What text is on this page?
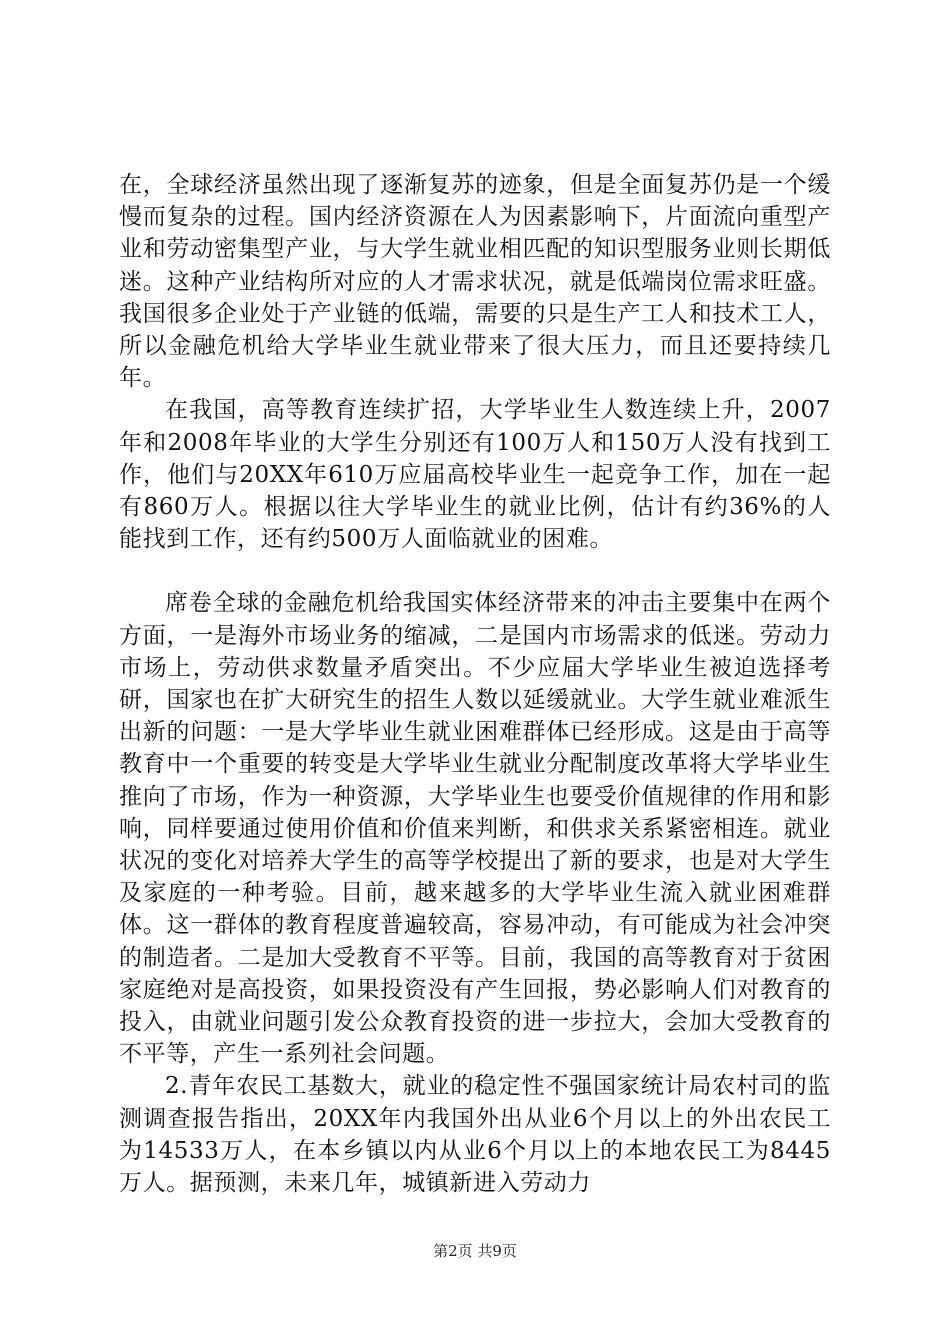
在，全球经济虽然出现了逐渐复苏的迹象，但是全面复苏仍是一个缓慢而复杂的过程。国内经济资源在人为因素影响下，片面流向重型产业和劳动密集型产业，与大学生就业相匹配的知识型服务业则长期低迷。这种产业结构所对应的人才需求状况，就是低端岗位需求旺盛。我国很多企业处于产业链的低端，需要的只是生产工人和技术工人，所以金融危机给大学毕业生就业带来了很大压力，而且还要持续几年。

在我国，高等教育连续扩招，大学毕业生人数连续上升，2007年和2008年毕业的大学生分别还有100万人和150万人没有找到工作，他们与20XX年610万应届高校毕业生一起竞争工作，加在一起有860万人。根据以往大学毕业生的就业比例，估计有约36%的人能找到工作，还有约500万人面临就业的困难。

席卷全球的金融危机给我国实体经济带来的冲击主要集中在两个方面，一是海外市场业务的缩减，二是国内市场需求的低迷。劳动力市场上，劳动供求数量矛盾突出。不少应届大学毕业生被迫选择考研，国家也在扩大研究生的招生人数以延缓就业。大学生就业难派生出新的问题：一是大学毕业生就业困难群体已经形成。这是由于高等教育中一个重要的转变是大学毕业生就业分配制度改革将大学毕业生推向了市场，作为一种资源，大学毕业生也要受价值规律的作用和影响，同样要通过使用价值和价值来判断，和供求关系紧密相连。就业状况的变化对培养大学生的高等学校提出了新的要求，也是对大学生及家庭的一种考验。目前，越来越多的大学毕业生流入就业困难群体。这一群体的教育程度普遍较高，容易冲动，有可能成为社会冲突的制造者。二是加大受教育不平等。目前，我国的高等教育对于贫困家庭绝对是高投资，如果投资没有产生回报，势必影响人们对教育的投入，由就业问题引发公众教育投资的进一步拉大，会加大受教育的不平等，产生一系列社会问题。

2.青年农民工基数大，就业的稳定性不强国家统计局农村司的监测调查报告指出，20XX年内我国外出从业6个月以上的外出农民工为14533万人，在本乡镇以内从业6个月以上的本地农民工为8445万人。据预测，未来几年，城镇新进入劳动力

第2页 共9页
